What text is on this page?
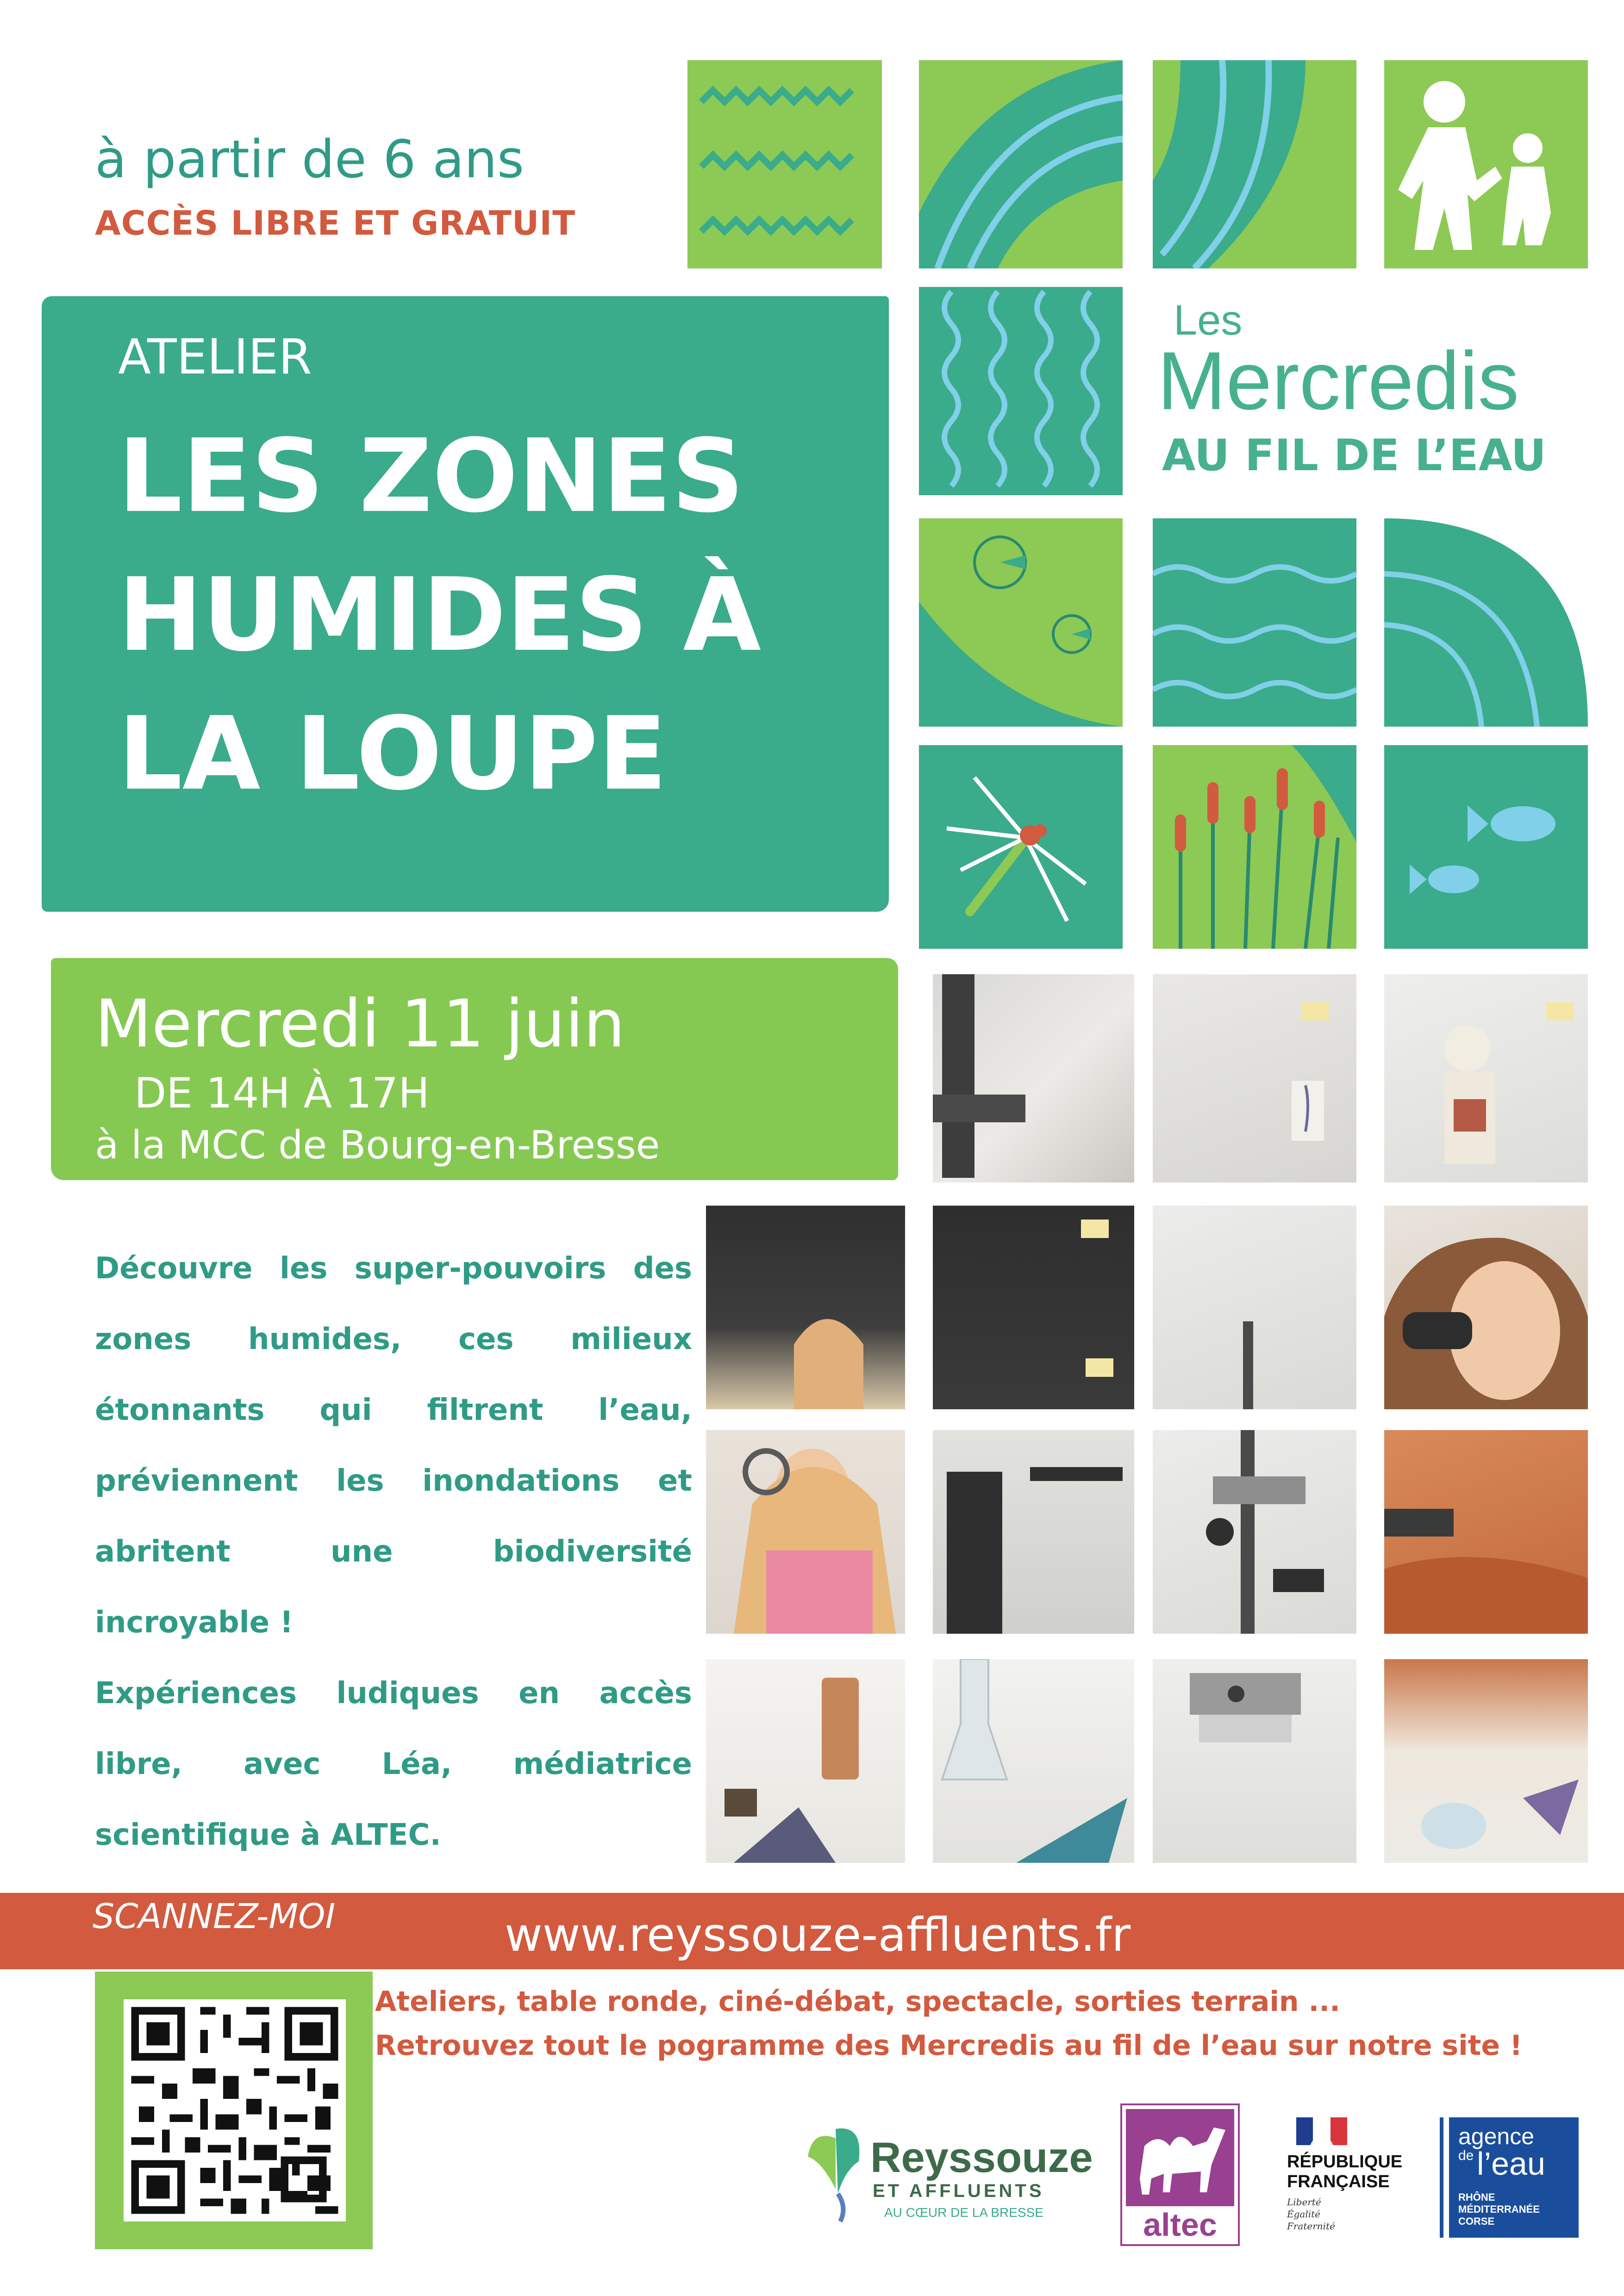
à partir de 6 ans
ACCÈS LIBRE ET GRATUIT
ATELIER
LES ZONES HUMIDES À LA LOUPE
Les
Mercredis
AU FIL DE L’EAU
Mercredi 11 juin
DE 14H À 17H
à la MCC de Bourg-en-Bresse
Découvre les super-pouvoirs des zones humides, ces milieux étonnants qui filtrent l’eau, préviennent les inondations et abritent une biodiversité incroyable !
Expériences ludiques en accès libre, avec Léa, médiatrice scientifique à ALTEC.
SCANNEZ-MOI	www.reyssouze-affluents.fr
Ateliers, table ronde, ciné-débat, spectacle, sorties terrain ...
Retrouvez tout le pogramme des Mercredis au fil de l’eau sur notre site !
Reyssouze
ET AFFLUENTS
AU CŒUR DE LA BRESSE	altec
RÉPUBLIQUE
FRANÇAISE
Liberté
Égalité
Fraternité
agence
de l’eau
RHÔNE
MÉDITERRANÉE
CORSE
